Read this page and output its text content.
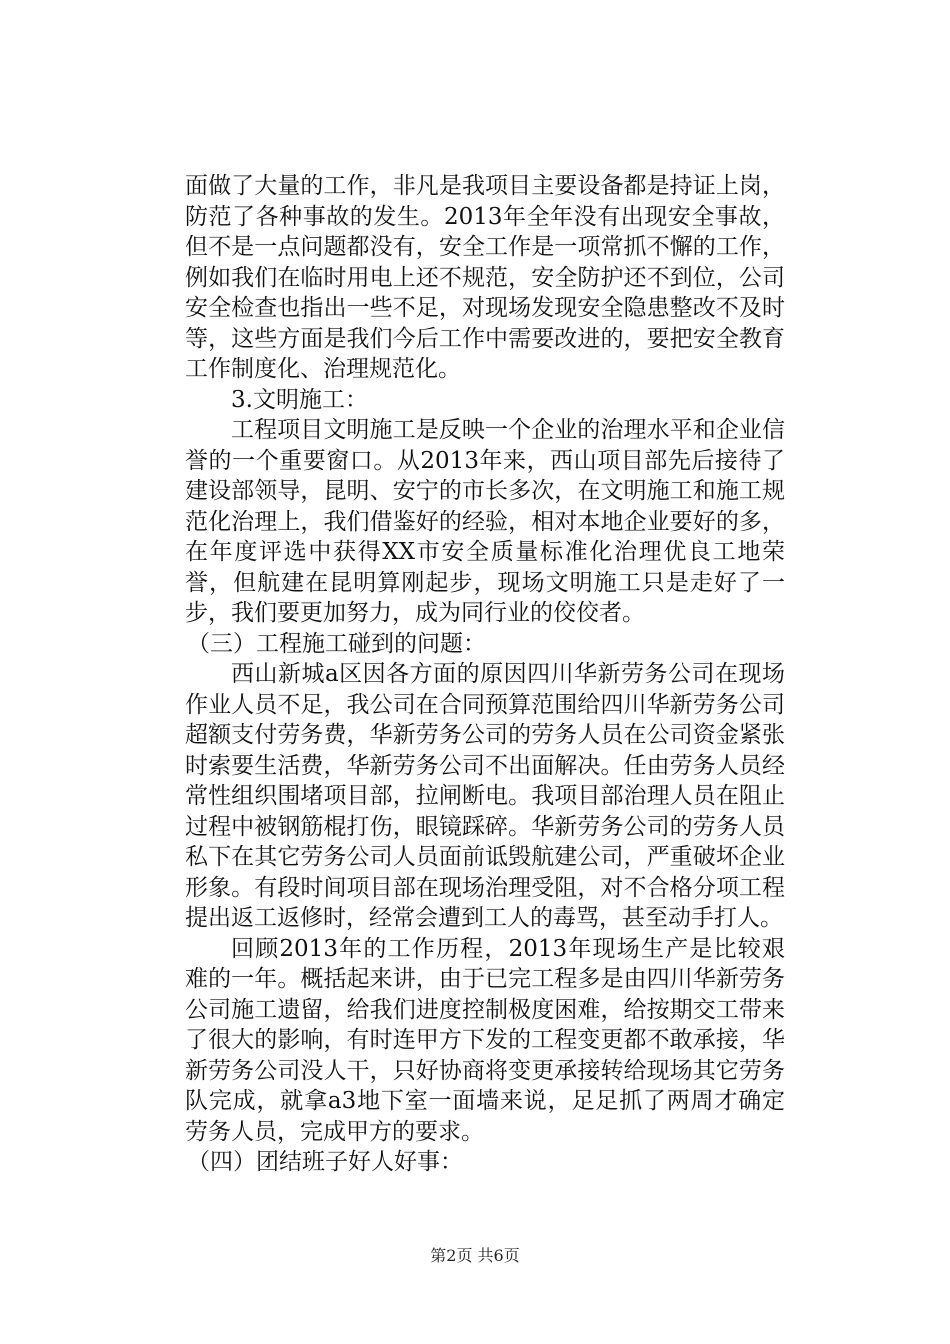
面做了大量的工作，非凡是我项目主要设备都是持证上岗，防范了各种事故的发生。2013年全年没有出现安全事故，但不是一点问题都没有，安全工作是一项常抓不懈的工作，例如我们在临时用电上还不规范，安全防护还不到位，公司安全检查也指出一些不足，对现场发现安全隐患整改不及时等，这些方面是我们今后工作中需要改进的，要把安全教育工作制度化、治理规范化。

3.文明施工：

工程项目文明施工是反映一个企业的治理水平和企业信誉的一个重要窗口。从2013年来，西山项目部先后接待了建设部领导，昆明、安宁的市长多次，在文明施工和施工规范化治理上，我们借鉴好的经验，相对本地企业要好的多，在年度评选中获得XX市安全质量标准化治理优良工地荣誉，但航建在昆明算刚起步，现场文明施工只是走好了一步，我们要更加努力，成为同行业的佼佼者。

（三）工程施工碰到的问题：

西山新城a区因各方面的原因四川华新劳务公司在现场作业人员不足，我公司在合同预算范围给四川华新劳务公司超额支付劳务费，华新劳务公司的劳务人员在公司资金紧张时索要生活费，华新劳务公司不出面解决。任由劳务人员经常性组织围堵项目部，拉闸断电。我项目部治理人员在阻止过程中被钢筋棍打伤，眼镜踩碎。华新劳务公司的劳务人员私下在其它劳务公司人员面前诋毁航建公司，严重破坏企业形象。有段时间项目部在现场治理受阻，对不合格分项工程提出返工返修时，经常会遭到工人的毒骂，甚至动手打人。

回顾2013年的工作历程，2013年现场生产是比较艰难的一年。概括起来讲，由于已完工程多是由四川华新劳务公司施工遗留，给我们进度控制极度困难，给按期交工带来了很大的影响，有时连甲方下发的工程变更都不敢承接，华新劳务公司没人干，只好协商将变更承接转给现场其它劳务队完成，就拿a3地下室一面墙来说，足足抓了两周才确定劳务人员，完成甲方的要求。

（四）团结班子好人好事：

第2页 共6页
